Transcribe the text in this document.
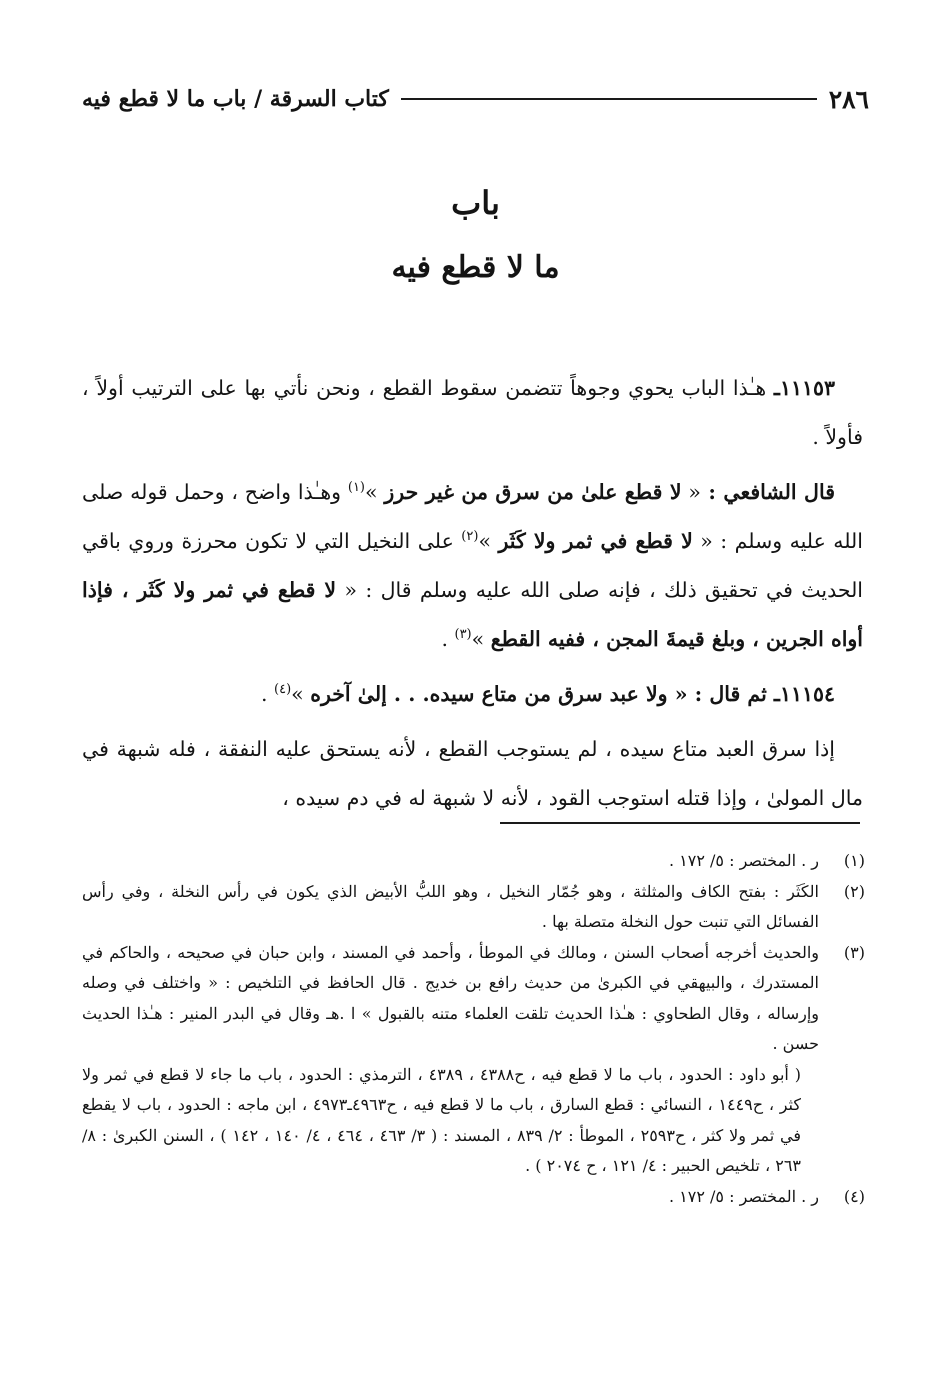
٢٨٦
كتاب السرقة / باب ما لا قطع فيه
باب
ما لا قطع فيه

١١١٥٣ـ هـٰذا الباب يحوي وجوهاً تتضمن سقوط القطع ، ونحن نأتي بها على الترتيب أولاً ، فأولاً .

قال الشافعي : « لا قطع علىٰ من سرق من غير حرز »$^{(١)}$ وهـٰذا واضح ، وحمل قوله صلى الله عليه وسلم : « لا قطع في ثمر ولا كَثَر »$^{(٢)}$ على النخيل التي لا تكون محرزة وروي باقي الحديث في تحقيق ذلك ، فإنه صلى الله عليه وسلم قال : « لا قطع في ثمر ولا كَثَر ، فإذا أواه الجرين ، وبلغ قيمةَ المجن ، ففيه القطع »$^{(٣)}$ .

١١١٥٤ـ ثم قال : « ولا عبد سرق من متاع سيده. . . إلىٰ آخره »$^{(٤)}$ .

إذا سرق العبد متاع سيده ، لم يستوجب القطع ، لأنه يستحق عليه النفقة ، فله شبهة في مال المولىٰ ، وإذا قتله استوجب القود ، لأنه لا شبهة له في دم سيده ،

(١)
ر . المختصر : ٥/ ١٧٢ .
(٢)
الكَثَر : بفتح الكاف والمثلثة ، وهو جُمّار النخيل ، وهو اللبُّ الأبيض الذي يكون في رأس النخلة ، وفي رأس الفسائل التي تنبت حول النخلة متصلة بها .
(٣)
والحديث أخرجه أصحاب السنن ، ومالك في الموطأ ، وأحمد في المسند ، وابن حبان في صحيحه ، والحاكم في المستدرك ، والبيهقي في الكبرىٰ من حديث رافع بن خديج . قال الحافظ في التلخيص : « واختلف في وصله وإرساله ، وقال الطحاوي : هـٰذا الحديث تلقت العلماء متنه بالقبول » ا .هـ وقال في البدر المنير : هـٰذا الحديث حسن .
( أبو داود : الحدود ، باب ما لا قطع فيه ، ح٤٣٨٨ ، ٤٣٨٩ ، الترمذي : الحدود ، باب ما جاء لا قطع في ثمر ولا كثر ، ح١٤٤٩ ، النسائي : قطع السارق ، باب ما لا قطع فيه ، ح٤٩٦٣ـ٤٩٧٣ ، ابن ماجه : الحدود ، باب لا يقطع في ثمر ولا كثر ، ح٢٥٩٣ ، الموطأ : ٢/ ٨٣٩ ، المسند : ( ٣/ ٤٦٣ ، ٤٦٤ ، ٤/ ١٤٠ ، ١٤٢ ) ، السنن الكبرىٰ : ٨/ ٢٦٣ ، تلخيص الحبير : ٤/ ١٢١ ، ح ٢٠٧٤ ) .
(٤)
ر . المختصر : ٥/ ١٧٢ .
